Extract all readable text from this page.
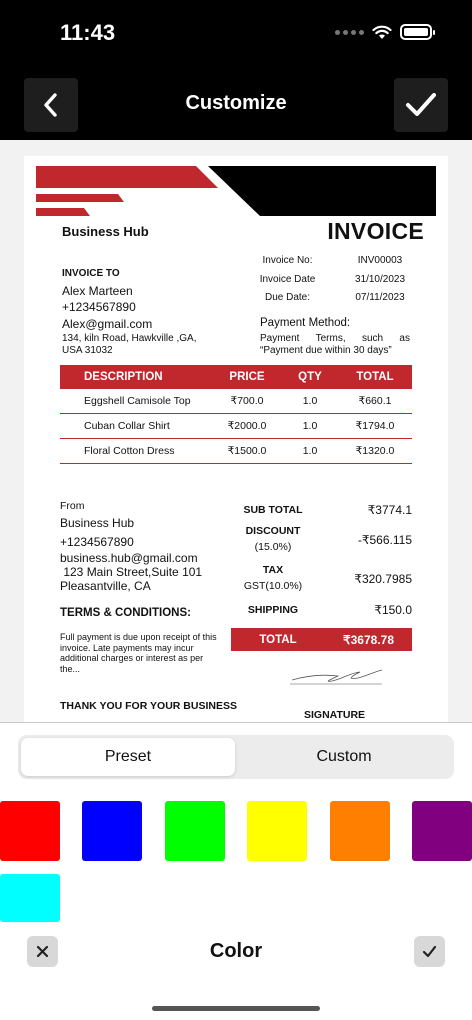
11:43
Customize
Business Hub	INVOICE
INVOICE TO
Alex Marteen
+1234567890
Alex@gmail.com
134, kiln Road, Hawkville ,GA, USA 31032
Invoice No:	INV00003
Invoice Date	31/10/2023
Due Date:	07/11/2023
Payment Method:
Payment Terms, such as “Payment due within 30 days”
DESCRIPTION	PRICE	QTY	TOTAL
Eggshell Camisole Top	₹700.0	1.0	₹660.1
Cuban Collar Shirt	₹2000.0	1.0	₹1794.0
Floral Cotton Dress	₹1500.0	1.0	₹1320.0
From
Business Hub
+1234567890
business.hub@gmail.com
123 Main Street,Suite 101
Pleasantville, CA
TERMS & CONDITIONS:
Full payment is due upon receipt of this invoice. Late payments may incur additional charges or interest as per the...
SUB TOTAL	₹3774.1
DISCOUNT
(15.0%)	-₹566.115
TAX
GST(10.0%)	₹320.7985
SHIPPING	₹150.0
TOTAL	₹3678.78
THANK YOU FOR YOUR BUSINESS
SIGNATURE
Preset	Custom
Color
